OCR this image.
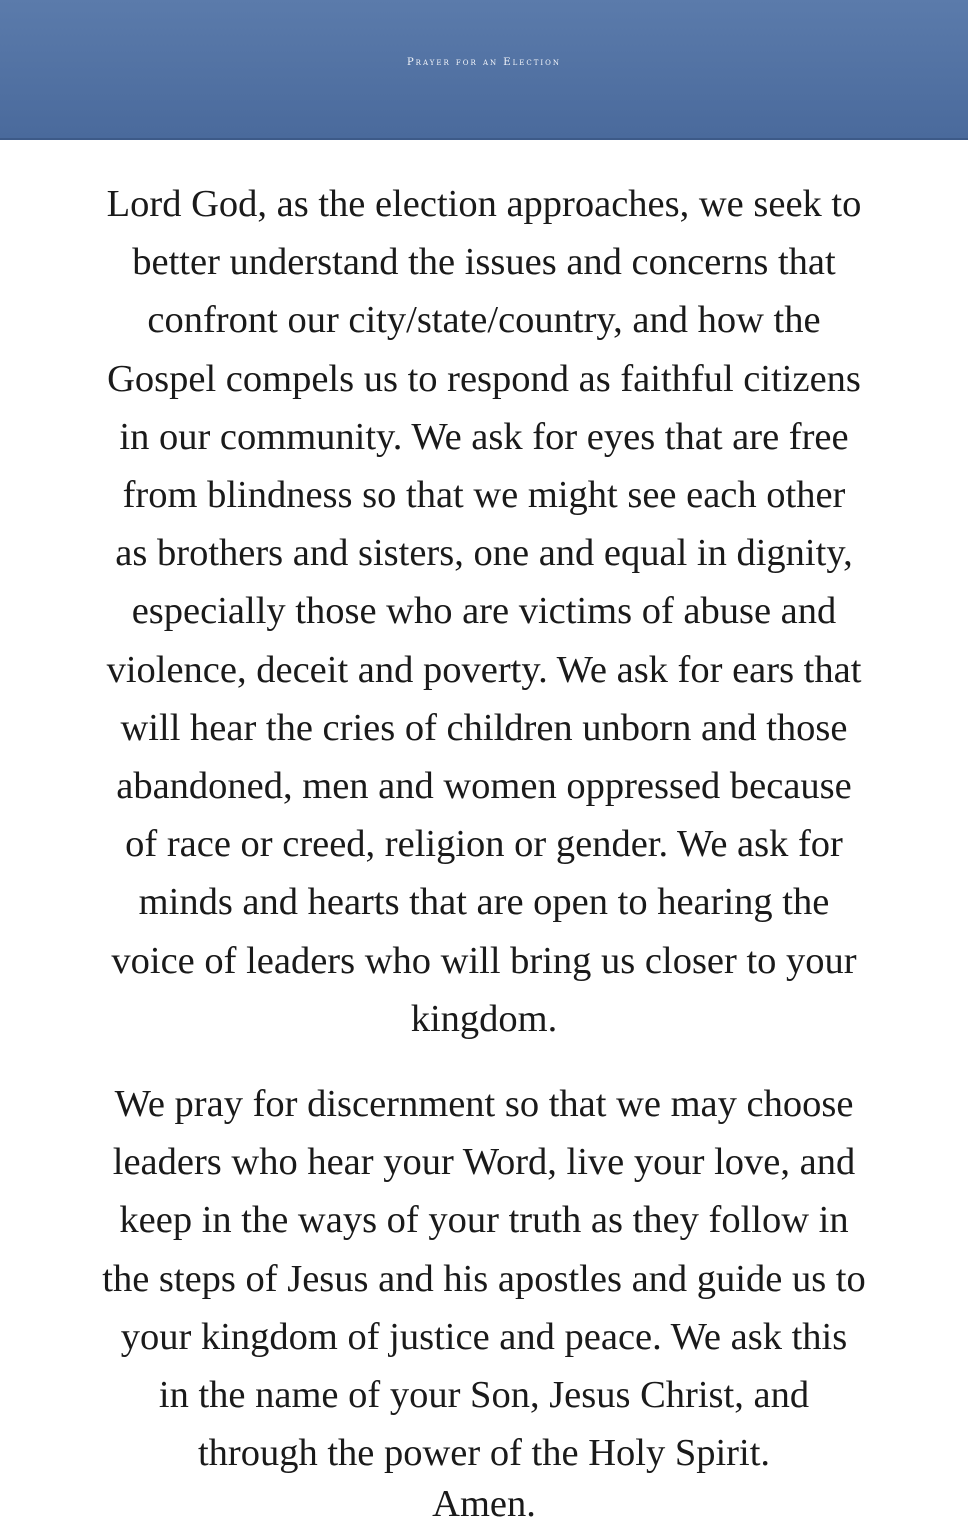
Prayer for an Election
Lord God, as the election approaches, we seek to
better understand the issues and concerns that
confront our city/state/country, and how the
Gospel compels us to respond as faithful citizens
in our community. We ask for eyes that are free
from blindness so that we might see each other
as brothers and sisters, one and equal in dignity,
especially those who are victims of abuse and
violence, deceit and poverty. We ask for ears that
will hear the cries of children unborn and those
abandoned, men and women oppressed because
of race or creed, religion or gender. We ask for
minds and hearts that are open to hearing the
voice of leaders who will bring us closer to your
kingdom.
We pray for discernment so that we may choose
leaders who hear your Word, live your love, and
keep in the ways of your truth as they follow in
the steps of Jesus and his apostles and guide us to
your kingdom of justice and peace. We ask this
in the name of your Son, Jesus Christ, and
through the power of the Holy Spirit.
Amen.
